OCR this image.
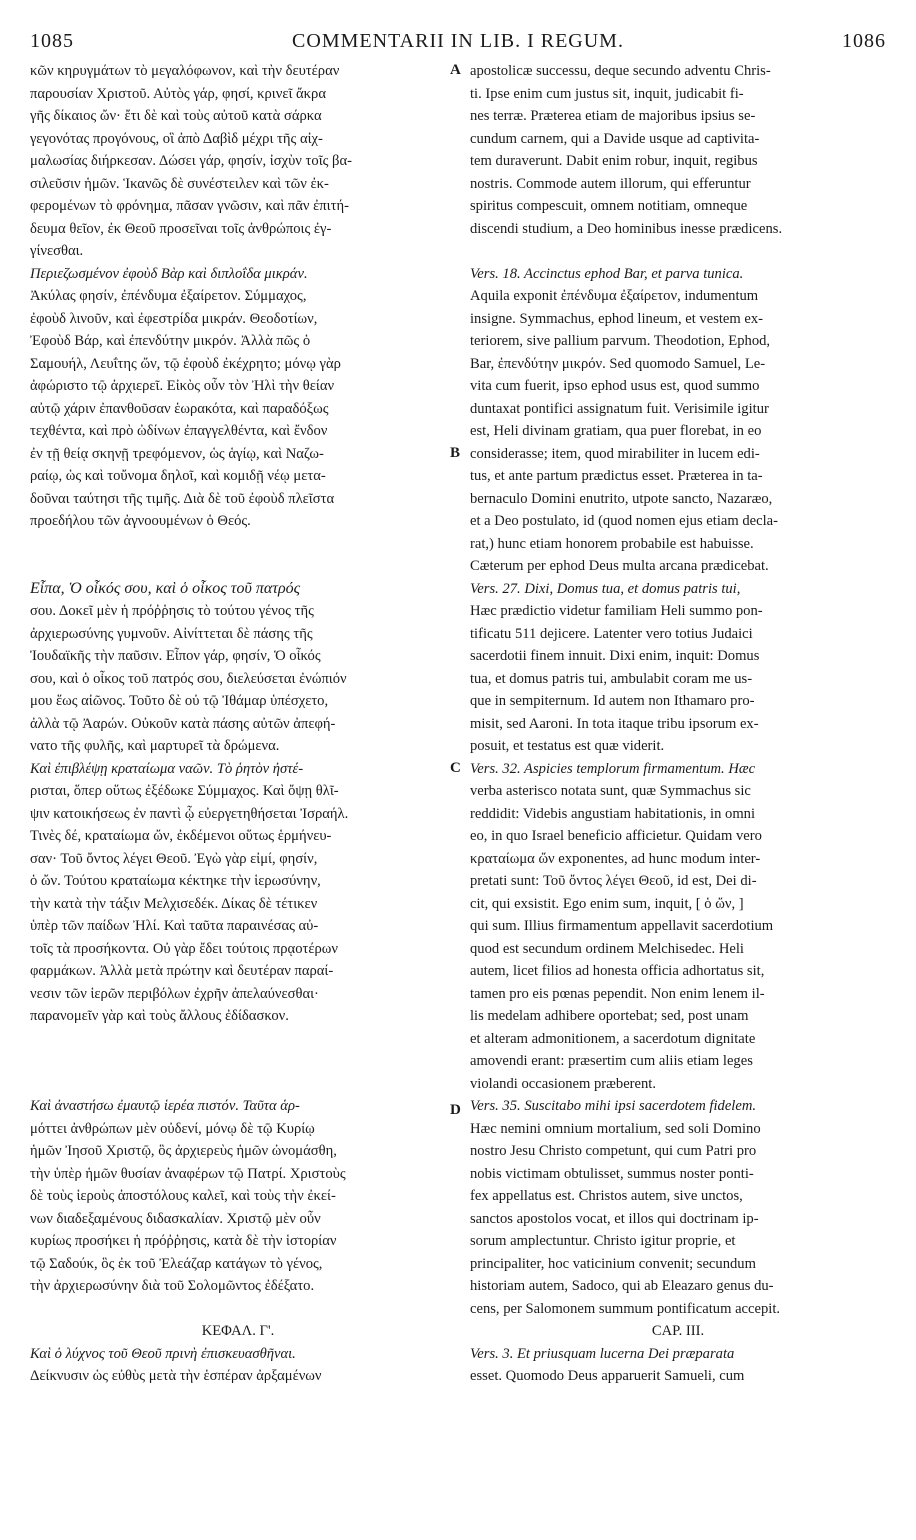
1085	COMMENTARII IN LIB. I REGUM.	1086
A
B
C
D
κῶν κηρυγμάτων τὸ μεγαλόφωνον, καὶ τὴν δευτέραν
παρουσίαν Χριστοῦ. Αὐτὸς γάρ, φησί, κρινεῖ ἄκρα
γῆς δίκαιος ὤν· ἔτι δὲ καὶ τοὺς αὐτοῦ κατὰ σάρκα
γεγονότας προγόνους, οἳ ἀπὸ Δαβὶδ μέχρι τῆς αἰχ-
μαλωσίας διήρκεσαν. Δώσει γάρ, φησίν, ἰσχὺν τοῖς βα-
σιλεῦσιν ἡμῶν. Ἱκανῶς δὲ συνέστειλεν καὶ τῶν ἐκ-
φερομένων τὸ φρόνημα, πᾶσαν γνῶσιν, καὶ πᾶν ἐπιτή-
δευμα θεῖον, ἐκ Θεοῦ προσεῖναι τοῖς ἀνθρώποις ἐγ-
γίνεσθαι.
Περιεζωσμένον ἐφοὺδ Βὰρ καὶ διπλοΐδα μικράν.
Ἀκύλας φησίν, ἐπένδυμα ἐξαίρετον. Σύμμαχος,
ἐφοὺδ λινοῦν, καὶ ἐφεστρίδα μικράν. Θεοδοτίων,
Ἐφοὺδ Βάρ, καὶ ἐπενδύτην μικρόν. Ἀλλὰ πῶς ὁ
Σαμουήλ, Λευΐτης ὤν, τῷ ἐφοὺδ ἐκέχρητο; μόνῳ γὰρ
ἀφώριστο τῷ ἀρχιερεῖ. Εἰκὸς οὖν τὸν Ἠλὶ τὴν θείαν
αὐτῷ χάριν ἐπανθοῦσαν ἑωρακότα, καὶ παραδόξως
τεχθέντα, καὶ πρὸ ὠδίνων ἐπαγγελθέντα, καὶ ἔνδον
ἐν τῇ θείᾳ σκηνῇ τρεφόμενον, ὡς ἁγίῳ, καὶ Ναζω-
ραίῳ, ὡς καὶ τοὔνομα δηλοῖ, καὶ κομιδῇ νέῳ μετα-
δοῦναι ταύτησι τῆς τιμῆς. Διὰ δὲ τοῦ ἐφοὺδ πλεῖστα
προεδήλου τῶν ἀγνοουμένων ὁ Θεός.
Εἶπα, Ὁ οἶκός σου, καὶ ὁ οἶκος τοῦ πατρός
σου. Δοκεῖ μὲν ἡ πρόῤῥησις τὸ τούτου γένος τῆς
ἀρχιερωσύνης γυμνοῦν. Αἰνίττεται δὲ πάσης τῆς
Ἰουδαϊκῆς τὴν παῦσιν. Εἶπον γάρ, φησίν, Ὁ οἶκός
σου, καὶ ὁ οἶκος τοῦ πατρός σου, διελεύσεται ἐνώπιόν
μου ἕως αἰῶνος. Τοῦτο δὲ οὐ τῷ Ἰθάμαρ ὑπέσχετο,
ἀλλὰ τῷ Ἀαρών. Οὐκοῦν κατὰ πάσης αὐτῶν ἀπεφή-
νατο τῆς φυλῆς, καὶ μαρτυρεῖ τὰ δρώμενα.
Καὶ ἐπιβλέψῃ κραταίωμα ναῶν. Τὸ ῥητὸν ἠστέ-
ρισται, ὅπερ οὕτως ἐξέδωκε Σύμμαχος. Καὶ ὄψῃ θλῖ-
ψιν κατοικήσεως ἐν παντὶ ᾧ εὐεργετηθήσεται Ἰσραήλ.
Τινὲς δέ, κραταίωμα ὤν, ἐκδέμενοι οὕτως ἑρμήνευ-
σαν· Τοῦ ὄντος λέγει Θεοῦ. Ἐγὼ γὰρ εἰμί, φησίν,
ὁ ὤν. Τούτου κραταίωμα κέκτηκε τὴν ἱερωσύνην,
τὴν κατὰ τὴν τάξιν Μελχισεδέκ. Δίκας δὲ τέτικεν
ὑπὲρ τῶν παίδων Ἠλί. Καὶ ταῦτα παραινέσας αὐ-
τοῖς τὰ προσήκοντα. Οὐ γὰρ ἔδει τούτοις πρᾳοτέρων
φαρμάκων. Ἀλλὰ μετὰ πρώτην καὶ δευτέραν παραί-
νεσιν τῶν ἱερῶν περιβόλων ἐχρῆν ἀπελαύνεσθαι·
παρανομεῖν γὰρ καὶ τοὺς ἄλλους ἐδίδασκον.
Καὶ ἀναστήσω ἐμαυτῷ ἱερέα πιστόν. Ταῦτα ἁρ-
μόττει ἀνθρώπων μὲν οὐδενί, μόνῳ δὲ τῷ Κυρίῳ
ἡμῶν Ἰησοῦ Χριστῷ, ὃς ἀρχιερεὺς ἡμῶν ὠνομάσθη,
τὴν ὑπὲρ ἡμῶν θυσίαν ἀναφέρων τῷ Πατρί. Χριστοὺς
δὲ τοὺς ἱεροὺς ἀποστόλους καλεῖ, καὶ τοὺς τὴν ἐκεί-
νων διαδεξαμένους διδασκαλίαν. Χριστῷ μὲν οὖν
κυρίως προσήκει ἡ πρόῤῥησις, κατὰ δὲ τὴν ἱστορίαν
τῷ Σαδούκ, ὃς ἐκ τοῦ Ἐλεάζαρ κατάγων τὸ γένος,
τὴν ἀρχιερωσύνην διὰ τοῦ Σολομῶντος ἐδέξατο.
ΚΕΦΑΛ. Γ'.
Καὶ ὁ λύχνος τοῦ Θεοῦ πρινὴ ἐπισκευασθῆναι.
Δείκνυσιν ὡς εὐθὺς μετὰ τὴν ἑσπέραν ἀρξαμένων
apostolicæ successu, deque secundo adventu Chris-
ti. Ipse enim cum justus sit, inquit, judicabit fi-
nes terræ. Præterea etiam de majoribus ipsius se-
cundum carnem, qui a Davide usque ad captivita-
tem duraverunt. Dabit enim robur, inquit, regibus
nostris. Commode autem illorum, qui efferuntur
spiritus compescuit, omnem notitiam, omneque
discendi studium, a Deo hominibus inesse prædicens.
Vers. 18. Accinctus ephod Bar, et parva tunica.
Aquila exponit ἐπένδυμα ἐξαίρετον, indumentum
insigne. Symmachus, ephod lineum, et vestem ex-
teriorem, sive pallium parvum. Theodotion, Ephod,
Bar, ἐπενδύτην μικρόν. Sed quomodo Samuel, Le-
vita cum fuerit, ipso ephod usus est, quod summo
duntaxat pontifici assignatum fuit. Verisimile igitur
est, Heli divinam gratiam, qua puer florebat, in eo
considerasse; item, quod mirabiliter in lucem edi-
tus, et ante partum prædictus esset. Præterea in ta-
bernaculo Domini enutrito, utpote sancto, Nazaræo,
et a Deo postulato, id (quod nomen ejus etiam decla-
rat,) hunc etiam honorem probabile est habuisse.
Cæterum per ephod Deus multa arcana prædicebat.
Vers. 27. Dixi, Domus tua, et domus patris tui,
Hæc prædictio videtur familiam Heli summo pon-
tificatu 511 dejicere. Latenter vero totius Judaici
sacerdotii finem innuit. Dixi enim, inquit: Domus
tua, et domus patris tui, ambulabit coram me us-
que in sempiternum. Id autem non Ithamaro pro-
misit, sed Aaroni. In tota itaque tribu ipsorum ex-
posuit, et testatus est quæ viderit.
Vers. 32. Aspicies templorum firmamentum. Hæc
verba asterisco notata sunt, quæ Symmachus sic
reddidit: Videbis angustiam habitationis, in omni
eo, in quo Israel beneficio afficietur. Quidam vero
κραταίωμα ὤν exponentes, ad hunc modum inter-
pretati sunt: Τοῦ ὄντος λέγει Θεοῦ, id est, Dei di-
cit, qui exsistit. Ego enim sum, inquit, [ ὁ ὤν, ]
qui sum. Illius firmamentum appellavit sacerdotium
quod est secundum ordinem Melchisedec. Heli
autem, licet filios ad honesta officia adhortatus sit,
tamen pro eis pœnas pependit. Non enim lenem il-
lis medelam adhibere oportebat; sed, post unam
et alteram admonitionem, a sacerdotum dignitate
amovendi erant: præsertim cum aliis etiam leges
violandi occasionem præberent.
Vers. 35. Suscitabo mihi ipsi sacerdotem fidelem.
Hæc nemini omnium mortalium, sed soli Domino
nostro Jesu Christo competunt, qui cum Patri pro
nobis victimam obtulisset, summus noster ponti-
fex appellatus est. Christos autem, sive unctos,
sanctos apostolos vocat, et illos qui doctrinam ip-
sorum amplectuntur. Christo igitur proprie, et
principaliter, hoc vaticinium convenit; secundum
historiam autem, Sadoco, qui ab Eleazaro genus du-
cens, per Salomonem summum pontificatum accepit.
CAP. III.
Vers. 3. Et priusquam lucerna Dei præparata
esset. Quomodo Deus apparuerit Samueli, cum
